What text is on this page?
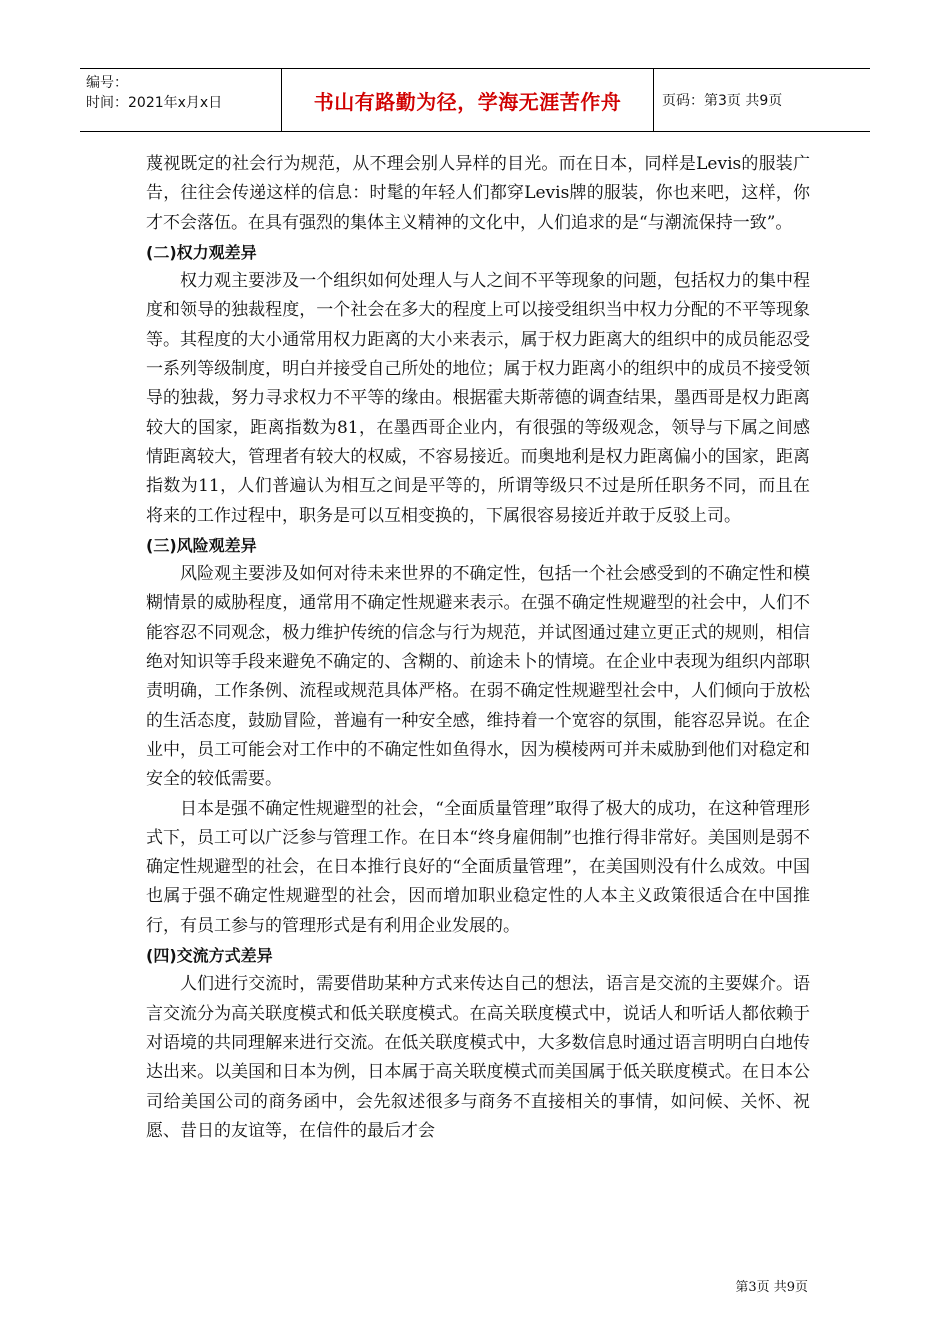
编号：
时间：2021年x月x日	书山有路勤为径，学海无涯苦作舟	页码：第3页 共9页

蔑视既定的社会行为规范，从不理会别人异样的目光。而在日本，同样是Levis的服装广告，往往会传递这样的信息：时髦的年轻人们都穿Levis牌的服装，你也来吧，这样，你才不会落伍。在具有强烈的集体主义精神的文化中，人们追求的是“与潮流保持一致”。

(二)权力观差异

权力观主要涉及一个组织如何处理人与人之间不平等现象的问题，包括权力的集中程度和领导的独裁程度，一个社会在多大的程度上可以接受组织当中权力分配的不平等现象等。其程度的大小通常用权力距离的大小来表示，属于权力距离大的组织中的成员能忍受一系列等级制度，明白并接受自己所处的地位；属于权力距离小的组织中的成员不接受领导的独裁，努力寻求权力不平等的缘由。根据霍夫斯蒂德的调查结果，墨西哥是权力距离较大的国家，距离指数为81，在墨西哥企业内，有很强的等级观念，领导与下属之间感情距离较大，管理者有较大的权威，不容易接近。而奥地利是权力距离偏小的国家，距离指数为11，人们普遍认为相互之间是平等的，所谓等级只不过是所任职务不同，而且在将来的工作过程中，职务是可以互相变换的，下属很容易接近并敢于反驳上司。

(三)风险观差异

风险观主要涉及如何对待未来世界的不确定性，包括一个社会感受到的不确定性和模糊情景的威胁程度，通常用不确定性规避来表示。在强不确定性规避型的社会中，人们不能容忍不同观念，极力维护传统的信念与行为规范，并试图通过建立更正式的规则，相信绝对知识等手段来避免不确定的、含糊的、前途未卜的情境。在企业中表现为组织内部职责明确，工作条例、流程或规范具体严格。在弱不确定性规避型社会中，人们倾向于放松的生活态度，鼓励冒险，普遍有一种安全感，维持着一个宽容的氛围，能容忍异说。在企业中，员工可能会对工作中的不确定性如鱼得水，因为模棱两可并未威胁到他们对稳定和安全的较低需要。

日本是强不确定性规避型的社会，“全面质量管理”取得了极大的成功，在这种管理形式下，员工可以广泛参与管理工作。在日本“终身雇佣制”也推行得非常好。美国则是弱不确定性规避型的社会，在日本推行良好的“全面质量管理”，在美国则没有什么成效。中国也属于强不确定性规避型的社会，因而增加职业稳定性的人本主义政策很适合在中国推行，有员工参与的管理形式是有利用企业发展的。

(四)交流方式差异

人们进行交流时，需要借助某种方式来传达自己的想法，语言是交流的主要媒介。语言交流分为高关联度模式和低关联度模式。在高关联度模式中，说话人和听话人都依赖于对语境的共同理解来进行交流。在低关联度模式中，大多数信息时通过语言明明白白地传达出来。以美国和日本为例，日本属于高关联度模式而美国属于低关联度模式。在日本公司给美国公司的商务函中，会先叙述很多与商务不直接相关的事情，如问候、关怀、祝愿、昔日的友谊等，在信件的最后才会

第3页 共9页
